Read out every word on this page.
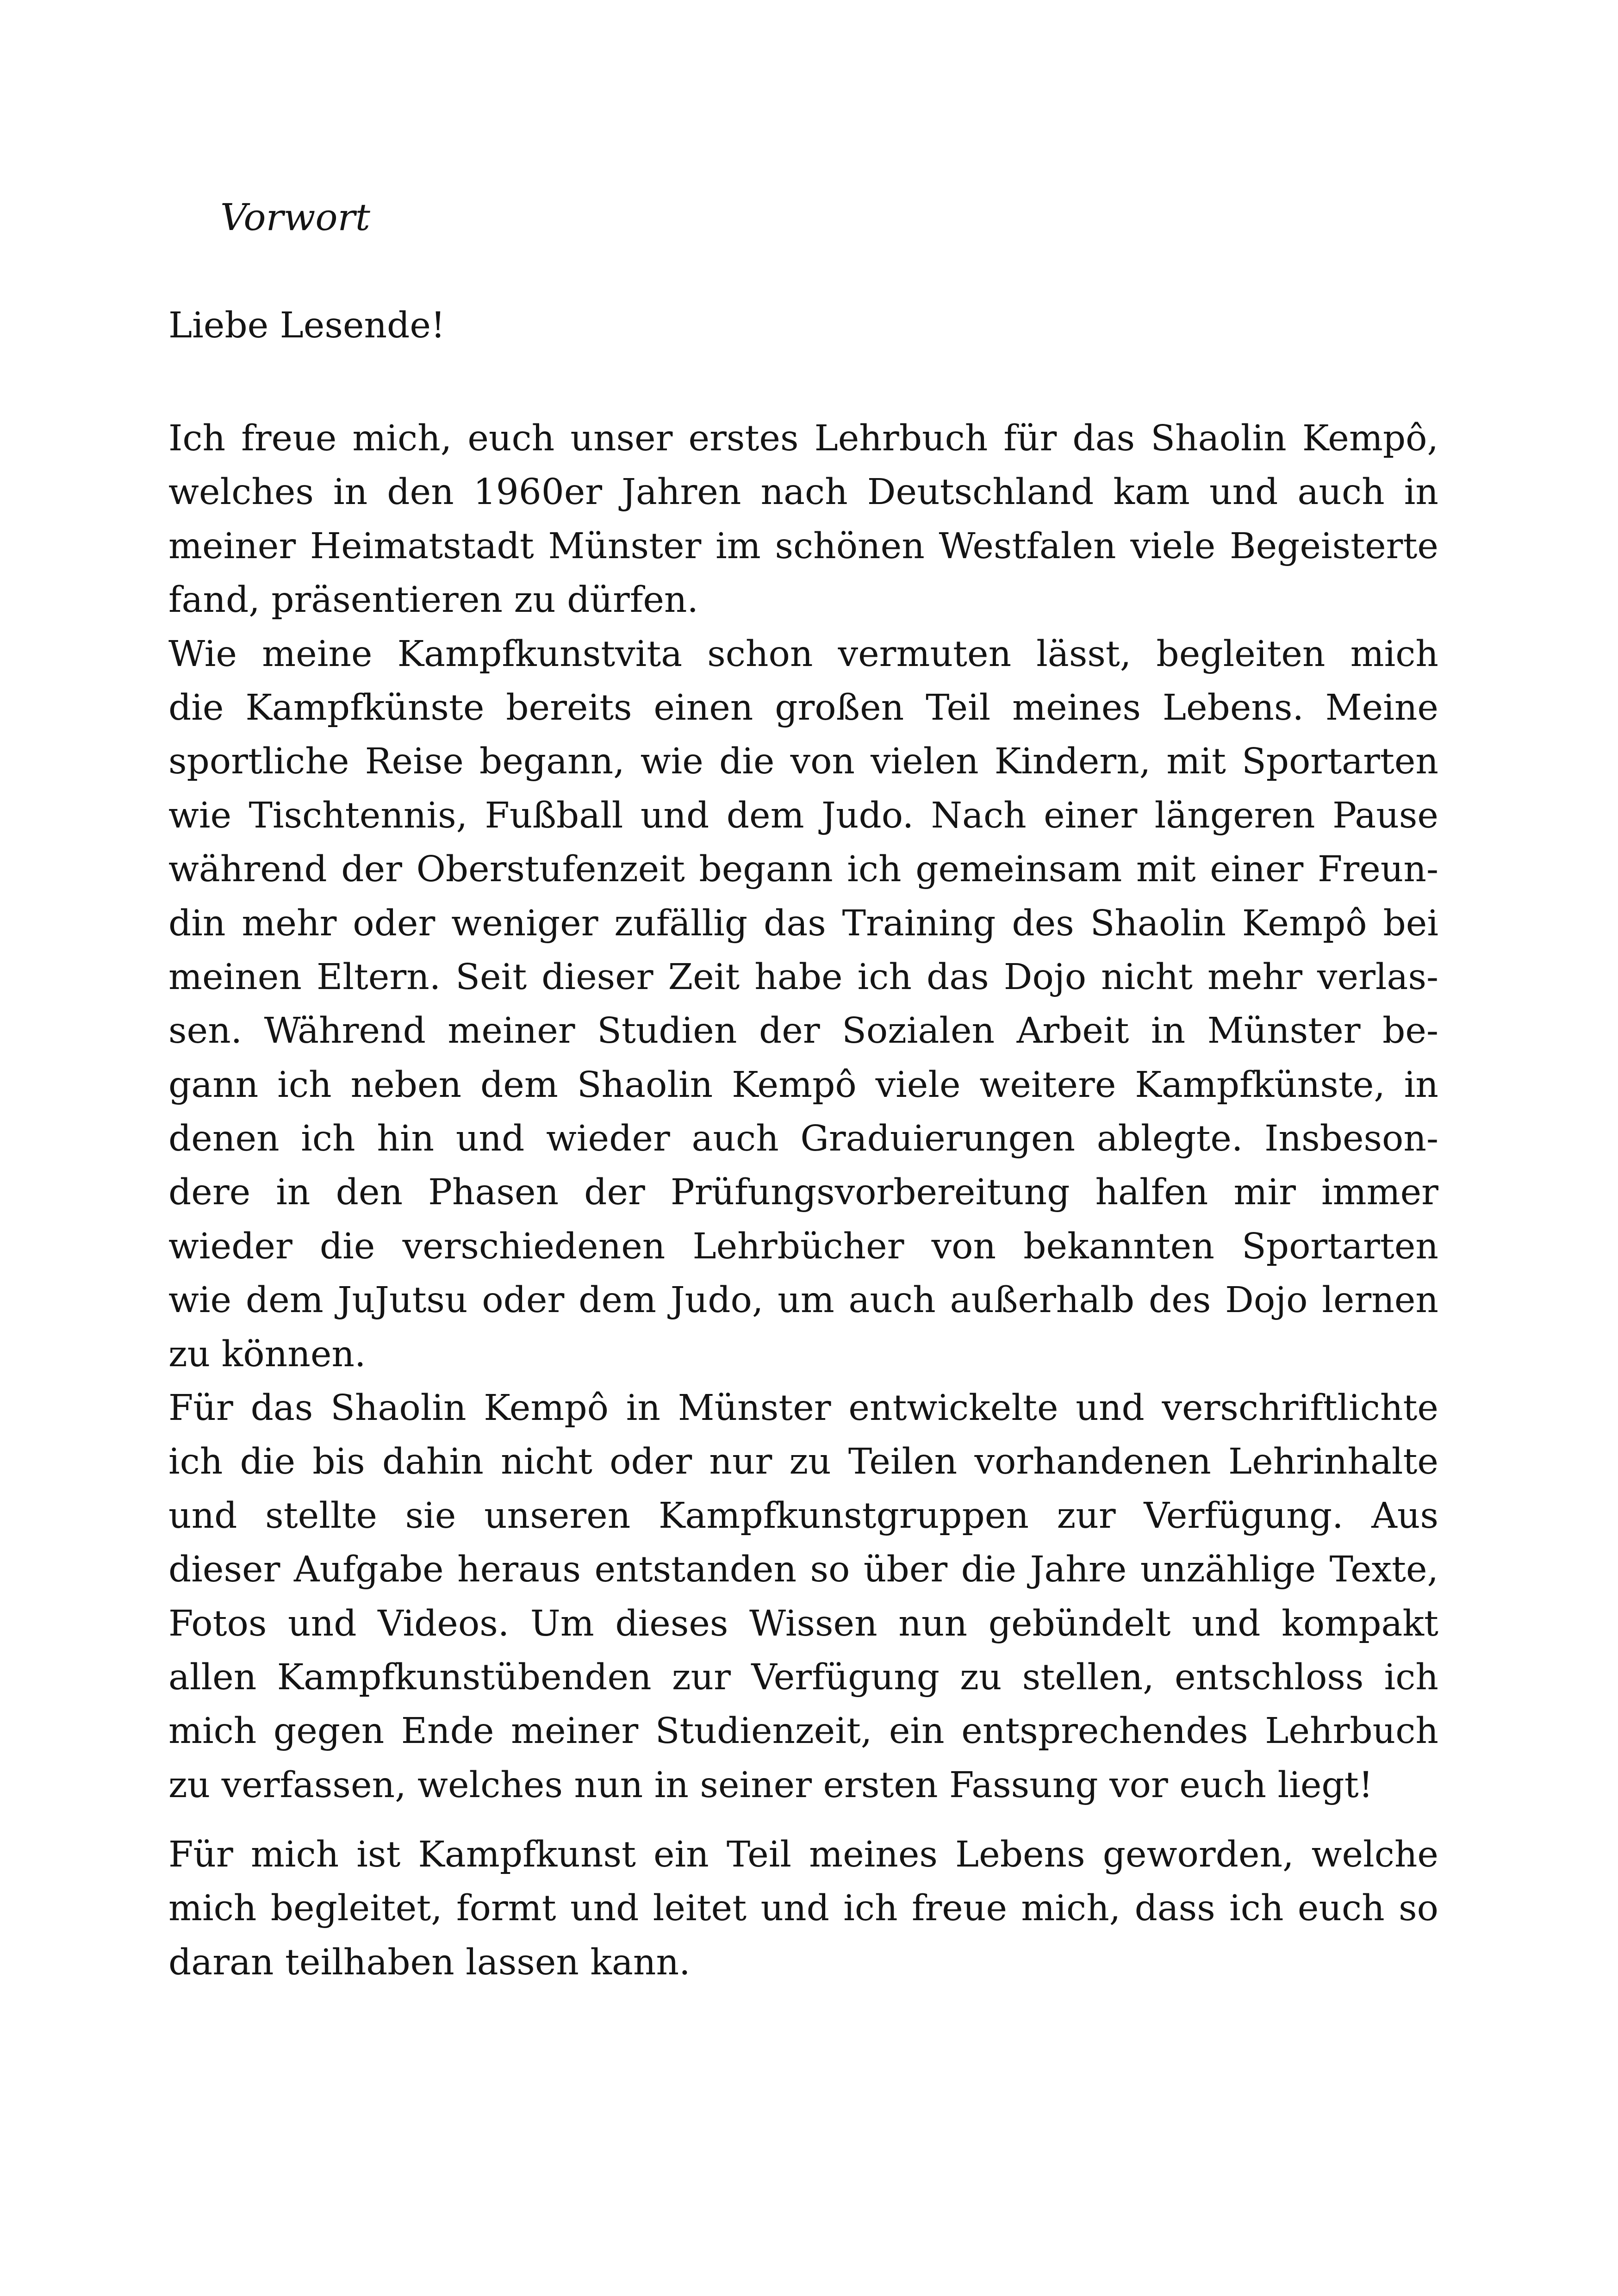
Vorwort

Liebe Lesende!

Ich freue mich, euch unser erstes Lehrbuch für das Shaolin Kempô,
welches in den 1960er Jahren nach Deutschland kam und auch in
meiner Heimatstadt Münster im schönen Westfalen viele Begeisterte
fand, präsentieren zu dürfen.

Wie meine Kampfkunstvita schon vermuten lässt, begleiten mich
die Kampfkünste bereits einen großen Teil meines Lebens. Meine
sportliche Reise begann, wie die von vielen Kindern, mit Sportarten
wie Tischtennis, Fußball und dem Judo. Nach einer längeren Pause
während der Oberstufenzeit begann ich gemeinsam mit einer Freun-
din mehr oder weniger zufällig das Training des Shaolin Kempô bei
meinen Eltern. Seit dieser Zeit habe ich das Dojo nicht mehr verlas-
sen. Während meiner Studien der Sozialen Arbeit in Münster be-
gann ich neben dem Shaolin Kempô viele weitere Kampfkünste, in
denen ich hin und wieder auch Graduierungen ablegte. Insbeson-
dere in den Phasen der Prüfungsvorbereitung halfen mir immer
wieder die verschiedenen Lehrbücher von bekannten Sportarten
wie dem JuJutsu oder dem Judo, um auch außerhalb des Dojo lernen
zu können.

Für das Shaolin Kempô in Münster entwickelte und verschriftlichte
ich die bis dahin nicht oder nur zu Teilen vorhandenen Lehrinhalte
und stellte sie unseren Kampfkunstgruppen zur Verfügung. Aus
dieser Aufgabe heraus entstanden so über die Jahre unzählige Texte,
Fotos und Videos. Um dieses Wissen nun gebündelt und kompakt
allen Kampfkunstübenden zur Verfügung zu stellen, entschloss ich
mich gegen Ende meiner Studienzeit, ein entsprechendes Lehrbuch
zu verfassen, welches nun in seiner ersten Fassung vor euch liegt!

Für mich ist Kampfkunst ein Teil meines Lebens geworden, welche
mich begleitet, formt und leitet und ich freue mich, dass ich euch so
daran teilhaben lassen kann.
